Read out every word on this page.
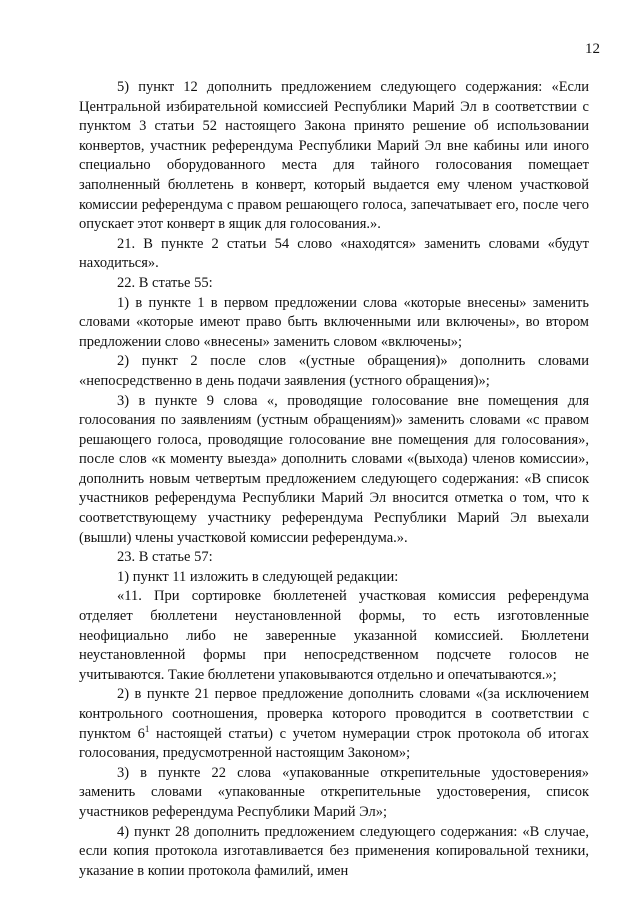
12

5) пункт 12 дополнить предложением следующего содержания: «Если Центральной избирательной комиссией Республики Марий Эл в соответствии с пунктом 3 статьи 52 настоящего Закона принято решение об использовании конвертов, участник референдума Республики Марий Эл вне кабины или иного специально оборудованного места для тайного голосования помещает заполненный бюллетень в конверт, который выдается ему членом участковой комиссии референдума с правом решающего голоса, запечатывает его, после чего опускает этот конверт в ящик для голосования.».

21. В пункте 2 статьи 54 слово «находятся» заменить словами «будут находиться».

22. В статье 55:

1) в пункте 1 в первом предложении слова «которые внесены» заменить словами «которые имеют право быть включенными или включены», во втором предложении слово «внесены» заменить словом «включены»;

2) пункт 2 после слов «(устные обращения)» дополнить словами «непосредственно в день подачи заявления (устного обращения)»;

3) в пункте 9 слова «, проводящие голосование вне помещения для голосования по заявлениям (устным обращениям)» заменить словами «с правом решающего голоса, проводящие голосование вне помещения для голосования», после слов «к моменту выезда» дополнить словами «(выхода) членов комиссии», дополнить новым четвертым предложением следующего содержания: «В список участников референдума Республики Марий Эл вносится отметка о том, что к соответствующему участнику референдума Республики Марий Эл выехали (вышли) члены участковой комиссии референдума.».

23. В статье 57:

1) пункт 11 изложить в следующей редакции:

«11. При сортировке бюллетеней участковая комиссия референдума отделяет бюллетени неустановленной формы, то есть изготовленные неофициально либо не заверенные указанной комиссией. Бюллетени неустановленной формы при непосредственном подсчете голосов не учитываются. Такие бюллетени упаковываются отдельно и опечатываются.»;

2) в пункте 21 первое предложение дополнить словами «(за исключением контрольного соотношения, проверка которого проводится в соответствии с пунктом $6^1$ настоящей статьи) с учетом нумерации строк протокола об итогах голосования, предусмотренной настоящим Законом»;

3) в пункте 22 слова «упакованные открепительные удостоверения» заменить словами «упакованные открепительные удостоверения, список участников референдума Республики Марий Эл»;

4) пункт 28 дополнить предложением следующего содержания: «В случае, если копия протокола изготавливается без применения копировальной техники, указание в копии протокола фамилий, имен
